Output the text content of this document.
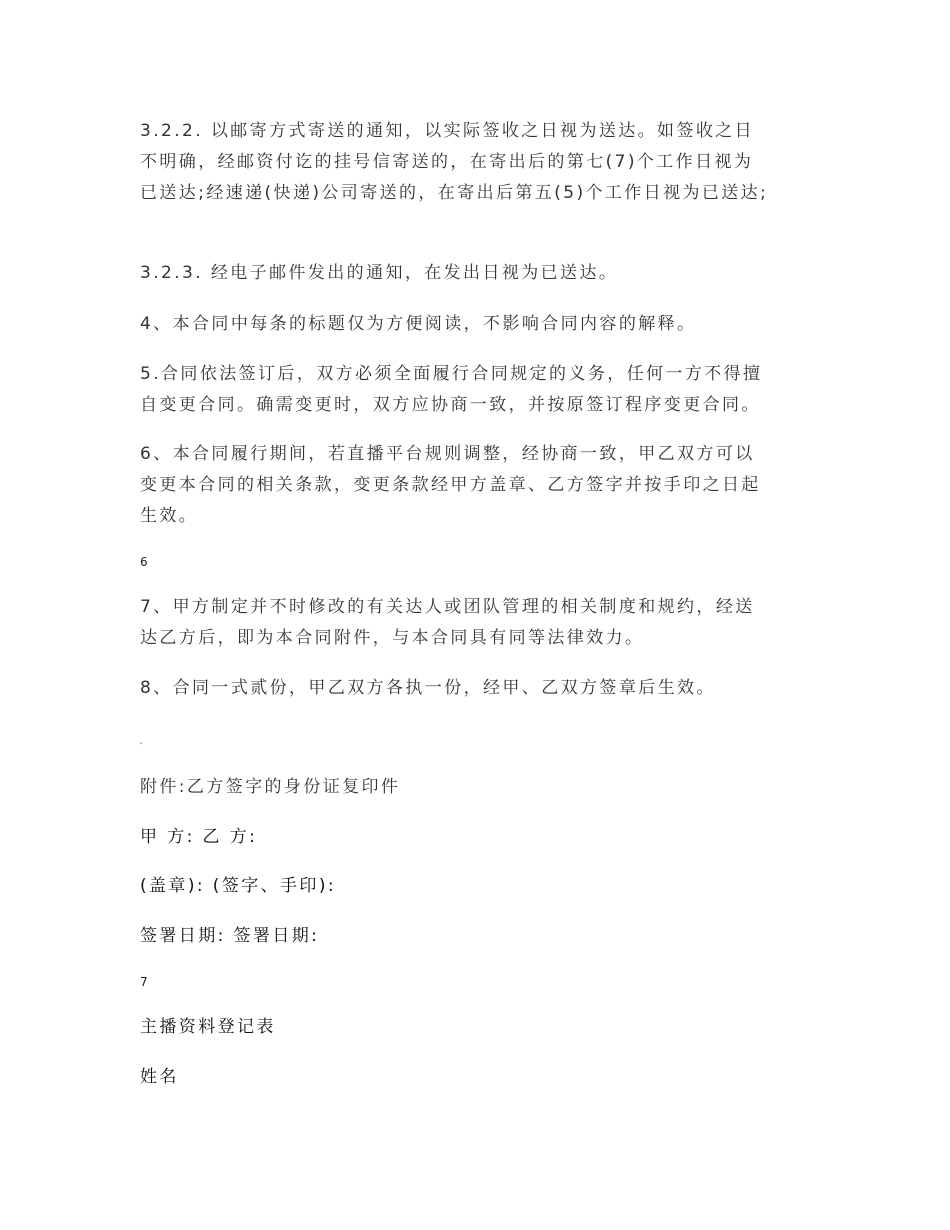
3.2.2. 以邮寄方式寄送的通知，以实际签收之日视为送达。如签收之日
不明确，经邮资付讫的挂号信寄送的，在寄出后的第七(7)个工作日视为
已送达;经速递(快递)公司寄送的，在寄出后第五(5)个工作日视为已送达;
3.2.3. 经电子邮件发出的通知，在发出日视为已送达。
4、本合同中每条的标题仅为方便阅读，不影响合同内容的解释。
5.合同依法签订后，双方必须全面履行合同规定的义务，任何一方不得擅
自变更合同。确需变更时，双方应协商一致，并按原签订程序变更合同。
6、本合同履行期间，若直播平台规则调整，经协商一致，甲乙双方可以
变更本合同的相关条款，变更条款经甲方盖章、乙方签字并按手印之日起
生效。
6
7、甲方制定并不时修改的有关达人或团队管理的相关制度和规约，经送
达乙方后，即为本合同附件，与本合同具有同等法律效力。
8、合同一式贰份，甲乙双方各执一份，经甲、乙双方签章后生效。
"
附件:乙方签字的身份证复印件
甲 方: 乙 方:
(盖章): (签字、手印):
签署日期: 签署日期:
7
主播资料登记表
姓名
